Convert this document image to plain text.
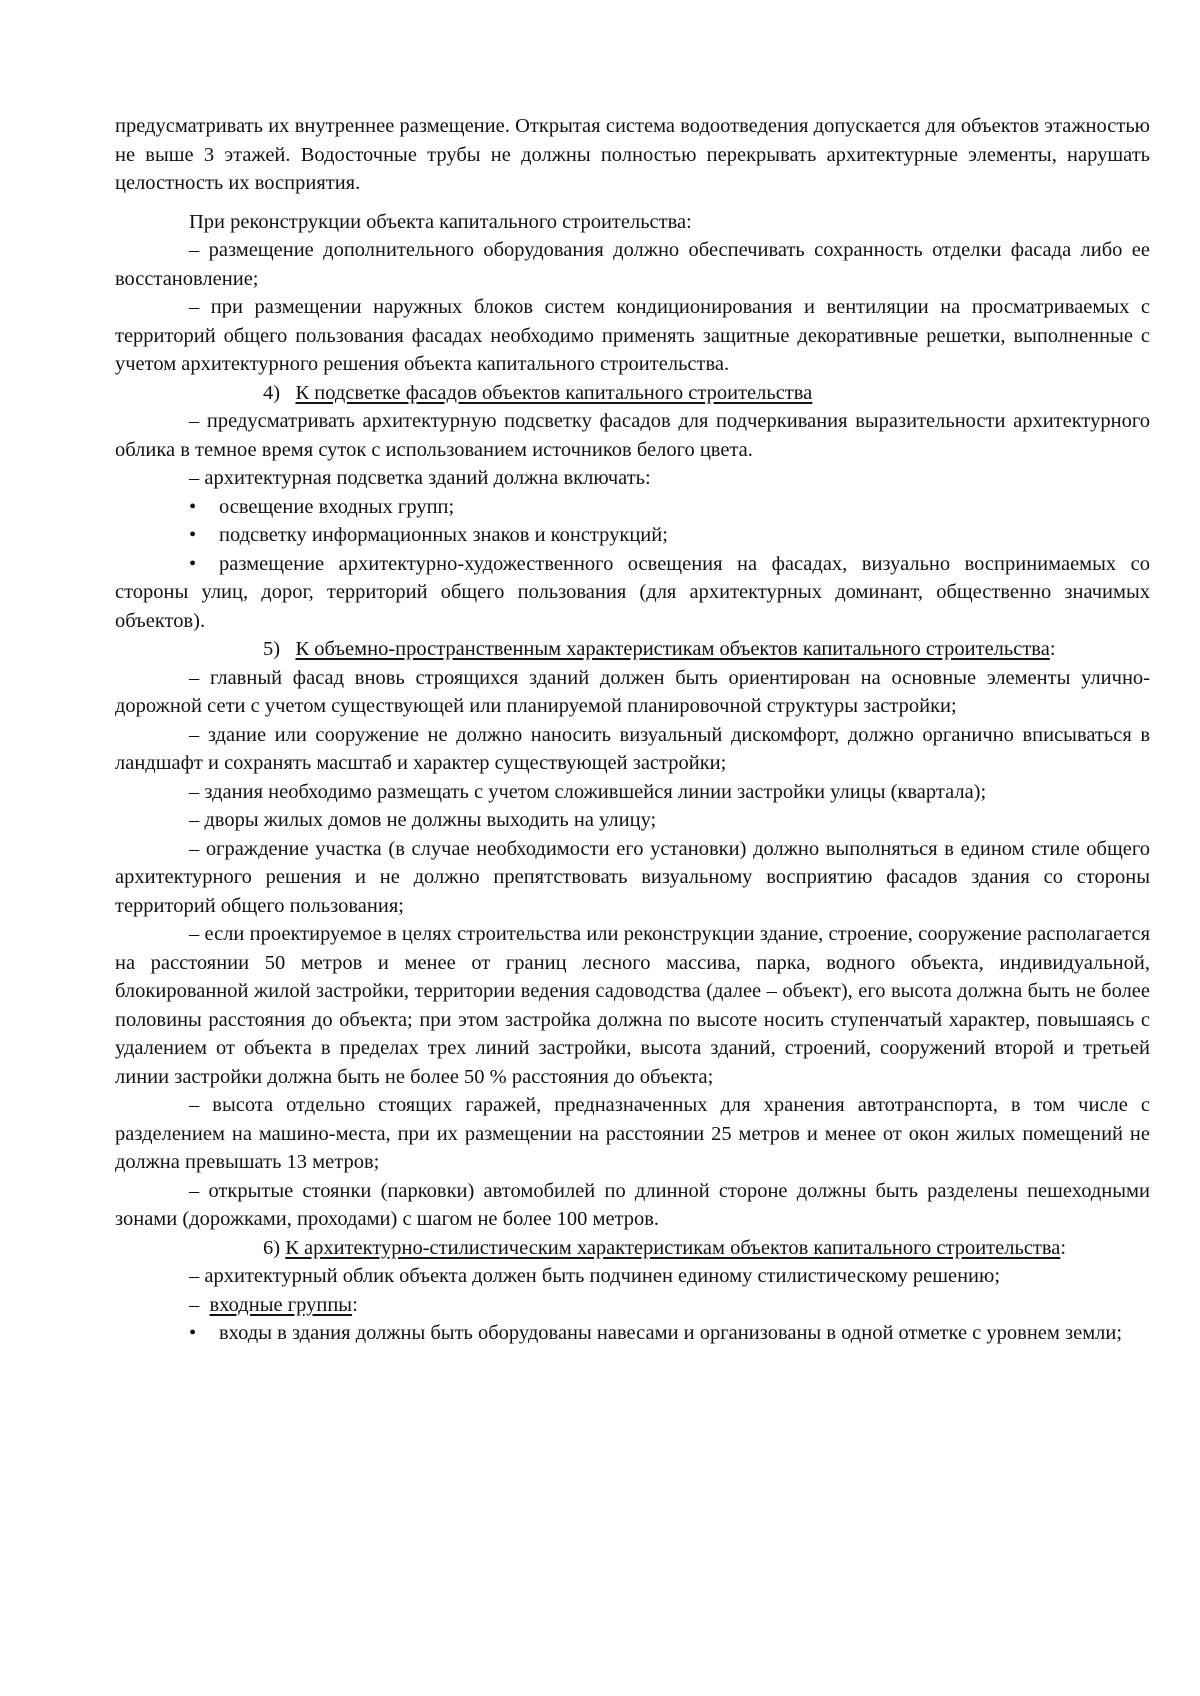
предусматривать их внутреннее размещение. Открытая система водоотведения допускается для объектов этажностью не выше 3 этажей. Водосточные трубы не должны полностью перекрывать архитектурные элементы, нарушать целостность их восприятия.

При реконструкции объекта капитального строительства:

– размещение дополнительного оборудования должно обеспечивать сохранность отделки фасада либо ее восстановление;

– при размещении наружных блоков систем кондиционирования и вентиляции на просматриваемых с территорий общего пользования фасадах необходимо применять защитные декоративные решетки, выполненные с учетом архитектурного решения объекта капитального строительства.

4) К подсветке фасадов объектов капитального строительства

– предусматривать архитектурную подсветку фасадов для подчеркивания выразительности архитектурного облика в темное время суток с использованием источников белого цвета.

– архитектурная подсветка зданий должна включать:

• освещение входных групп;

• подсветку информационных знаков и конструкций;

• размещение архитектурно-художественного освещения на фасадах, визуально воспринимаемых со стороны улиц, дорог, территорий общего пользования (для архитектурных доминант, общественно значимых объектов).

5) К объемно-пространственным характеристикам объектов капитального строительства:

– главный фасад вновь строящихся зданий должен быть ориентирован на основные элементы улично-дорожной сети с учетом существующей или планируемой планировочной структуры застройки;

– здание или сооружение не должно наносить визуальный дискомфорт, должно органично вписываться в ландшафт и сохранять масштаб и характер существующей застройки;

– здания необходимо размещать с учетом сложившейся линии застройки улицы (квартала);

– дворы жилых домов не должны выходить на улицу;

– ограждение участка (в случае необходимости его установки) должно выполняться в едином стиле общего архитектурного решения и не должно препятствовать визуальному восприятию фасадов здания со стороны территорий общего пользования;

– если проектируемое в целях строительства или реконструкции здание, строение, сооружение располагается на расстоянии 50 метров и менее от границ лесного массива, парка, водного объекта, индивидуальной, блокированной жилой застройки, территории ведения садоводства (далее – объект), его высота должна быть не более половины расстояния до объекта; при этом застройка должна по высоте носить ступенчатый характер, повышаясь с удалением от объекта в пределах трех линий застройки, высота зданий, строений, сооружений второй и третьей линии застройки должна быть не более 50 % расстояния до объекта;

– высота отдельно стоящих гаражей, предназначенных для хранения автотранспорта, в том числе с разделением на машино-места, при их размещении на расстоянии 25 метров и менее от окон жилых помещений не должна превышать 13 метров;

– открытые стоянки (парковки) автомобилей по длинной стороне должны быть разделены пешеходными зонами (дорожками, проходами) с шагом не более 100 метров.

6) К архитектурно-стилистическим характеристикам объектов капитального строительства:

– архитектурный облик объекта должен быть подчинен единому стилистическому решению;

– входные группы:

• входы в здания должны быть оборудованы навесами и организованы в одной отметке с уровнем земли;
